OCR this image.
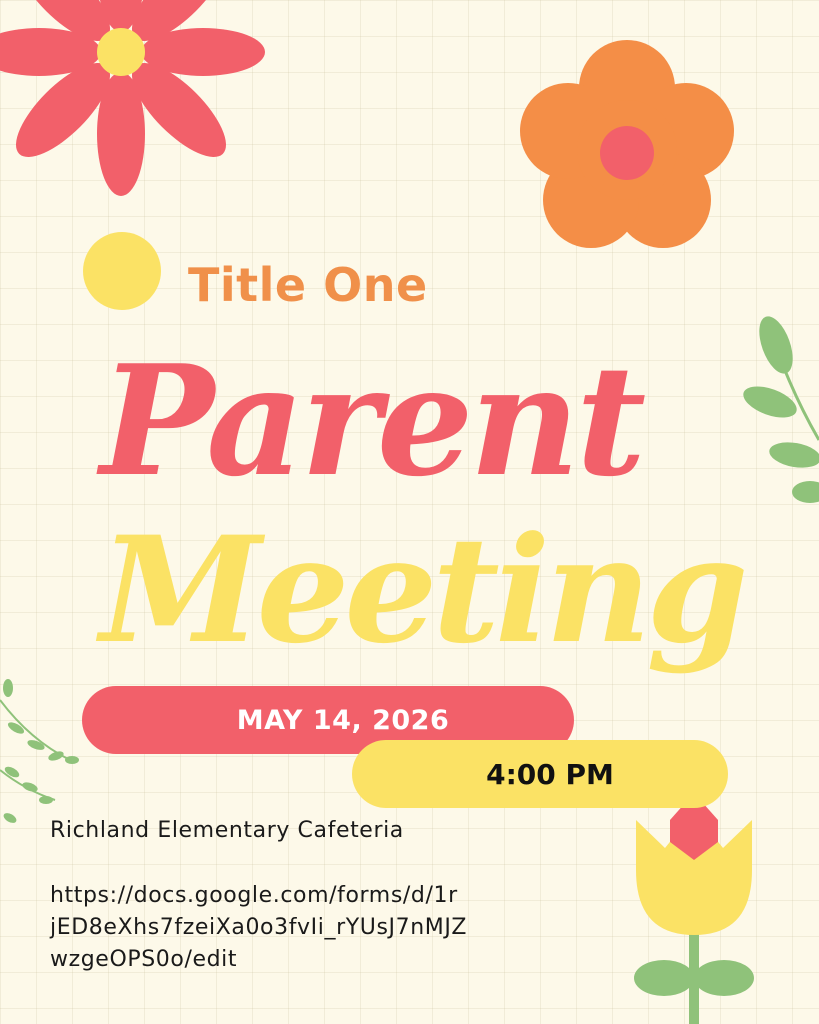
Title One
Parent
Meeting
MAY 14, 2026
4:00 PM
Richland Elementary Cafeteria
https://docs.google.com/forms/d/1r
jED8eXhs7fzeiXa0o3fvIi_rYUsJ7nMJZ
wzgeOPS0o/edit
